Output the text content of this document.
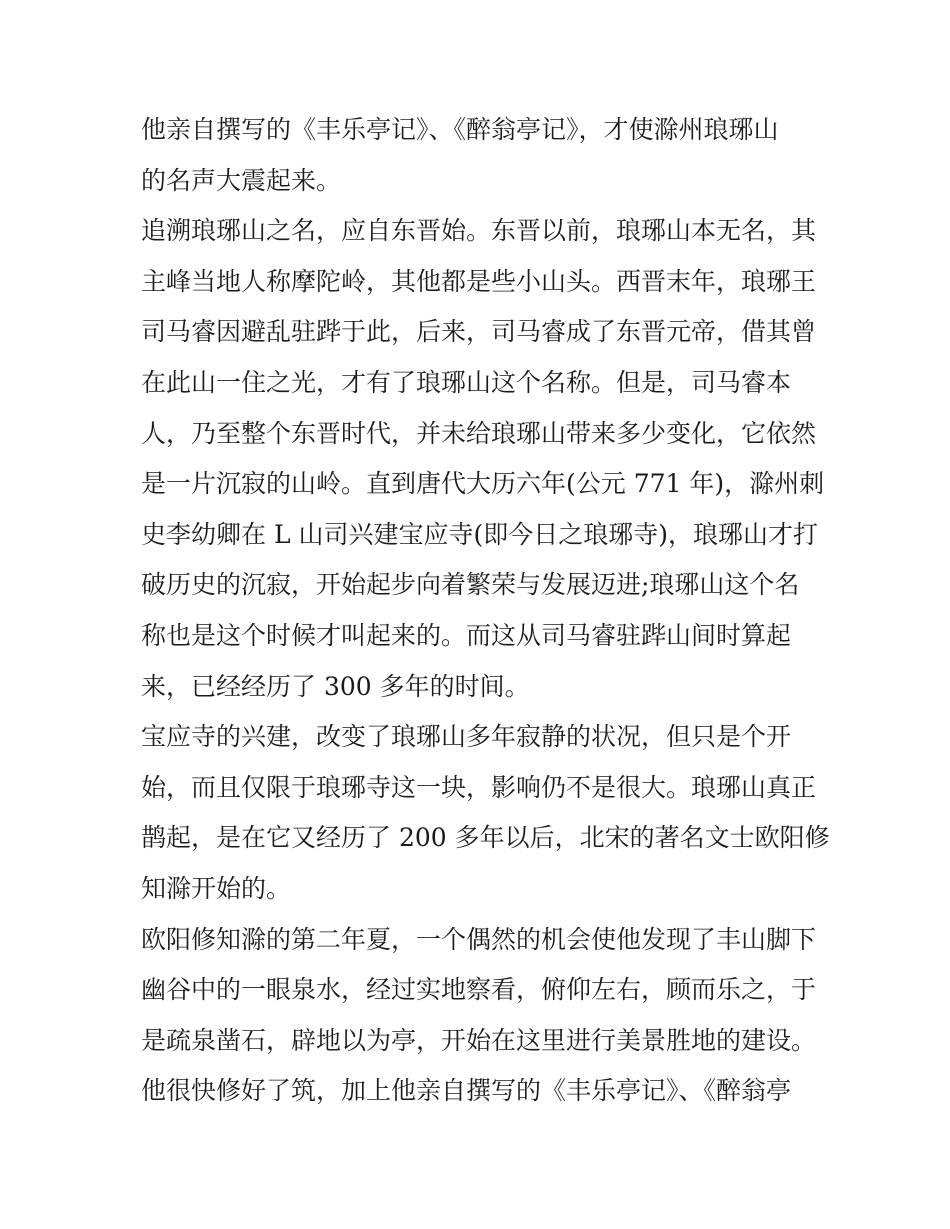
他亲自撰写的《丰乐亭记》、《醉翁亭记》，才使滁州琅琊山
的名声大震起来。
追溯琅琊山之名，应自东晋始。东晋以前，琅琊山本无名，其
主峰当地人称摩陀岭，其他都是些小山头。西晋末年，琅琊王
司马睿因避乱驻跸于此，后来，司马睿成了东晋元帝，借其曾
在此山一住之光，才有了琅琊山这个名称。但是，司马睿本
人，乃至整个东晋时代，并未给琅琊山带来多少变化，它依然
是一片沉寂的山岭。直到唐代大历六年(公元 771 年)，滁州刺
史李幼卿在 L 山司兴建宝应寺(即今日之琅琊寺)，琅琊山才打
破历史的沉寂，开始起步向着繁荣与发展迈进;琅琊山这个名
称也是这个时候才叫起来的。而这从司马睿驻跸山间时算起
来，已经经历了 300 多年的时间。
宝应寺的兴建，改变了琅琊山多年寂静的状况，但只是个开
始，而且仅限于琅琊寺这一块，影响仍不是很大。琅琊山真正
鹊起，是在它又经历了 200 多年以后，北宋的著名文士欧阳修
知滁开始的。
欧阳修知滁的第二年夏，一个偶然的机会使他发现了丰山脚下
幽谷中的一眼泉水，经过实地察看，俯仰左右，顾而乐之，于
是疏泉凿石，辟地以为亭，开始在这里进行美景胜地的建设。
他很快修好了筑，加上他亲自撰写的《丰乐亭记》、《醉翁亭
